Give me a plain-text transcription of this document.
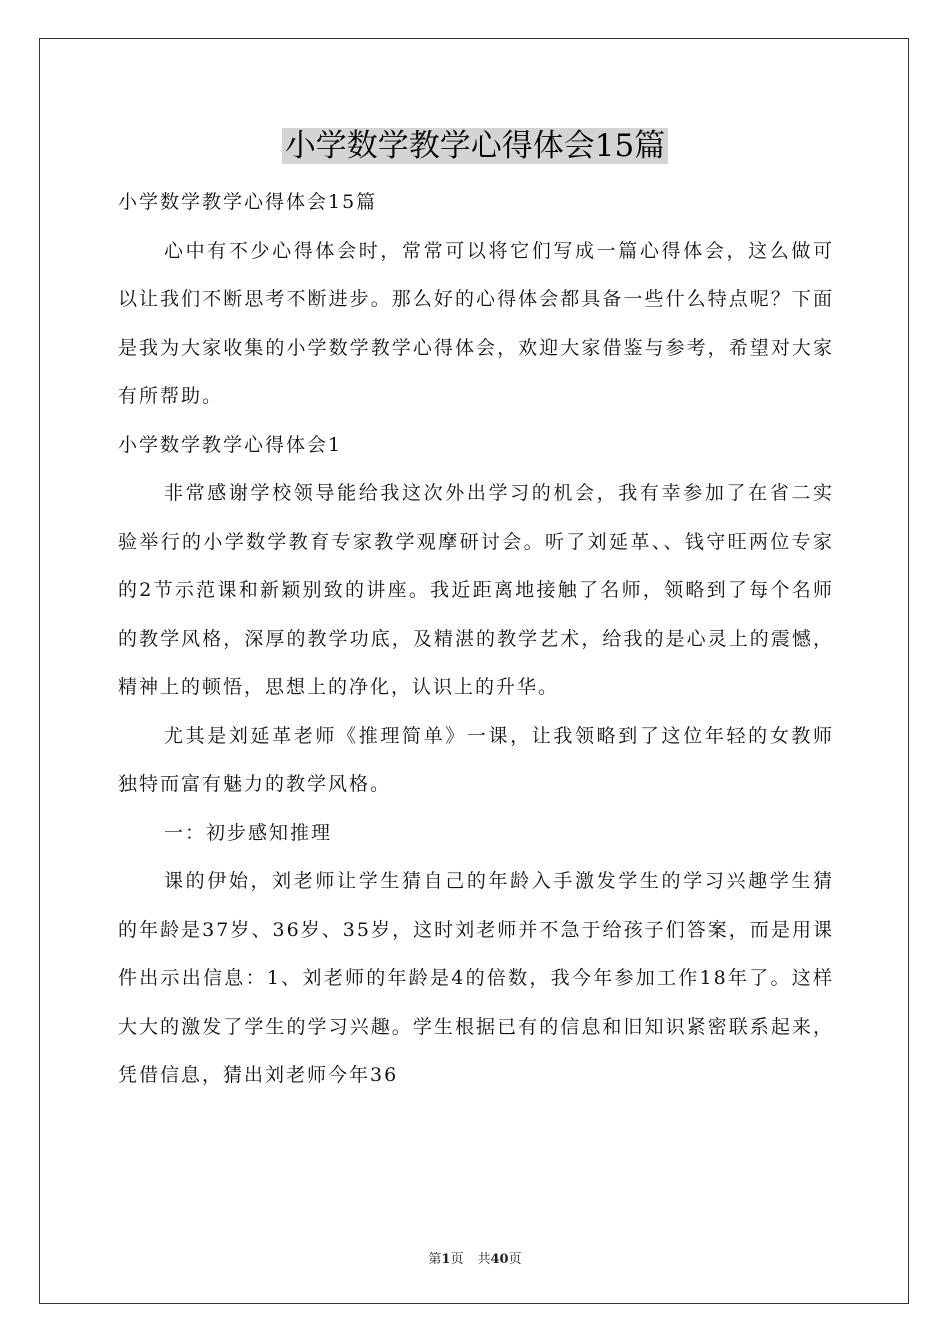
小学数学教学心得体会15篇

小学数学教学心得体会15篇

心中有不少心得体会时，常常可以将它们写成一篇心得体会，这么做可以让我们不断思考不断进步。那么好的心得体会都具备一些什么特点呢？下面是我为大家收集的小学数学教学心得体会，欢迎大家借鉴与参考，希望对大家有所帮助。

小学数学教学心得体会1

非常感谢学校领导能给我这次外出学习的机会，我有幸参加了在省二实验举行的小学数学教育专家教学观摩研讨会。听了刘延革、、钱守旺两位专家的2节示范课和新颖别致的讲座。我近距离地接触了名师，领略到了每个名师的教学风格，深厚的教学功底，及精湛的教学艺术，给我的是心灵上的震憾，精神上的顿悟，思想上的净化，认识上的升华。

尤其是刘延革老师《推理简单》一课，让我领略到了这位年轻的女教师独特而富有魅力的教学风格。

一：初步感知推理

课的伊始，刘老师让学生猜自己的年龄入手激发学生的学习兴趣学生猜的年龄是37岁、36岁、35岁，这时刘老师并不急于给孩子们答案，而是用课件出示出信息：1、刘老师的年龄是4的倍数，我今年参加工作18年了。这样大大的激发了学生的学习兴趣。学生根据已有的信息和旧知识紧密联系起来，凭借信息，猜出刘老师今年36

第1页 共40页
